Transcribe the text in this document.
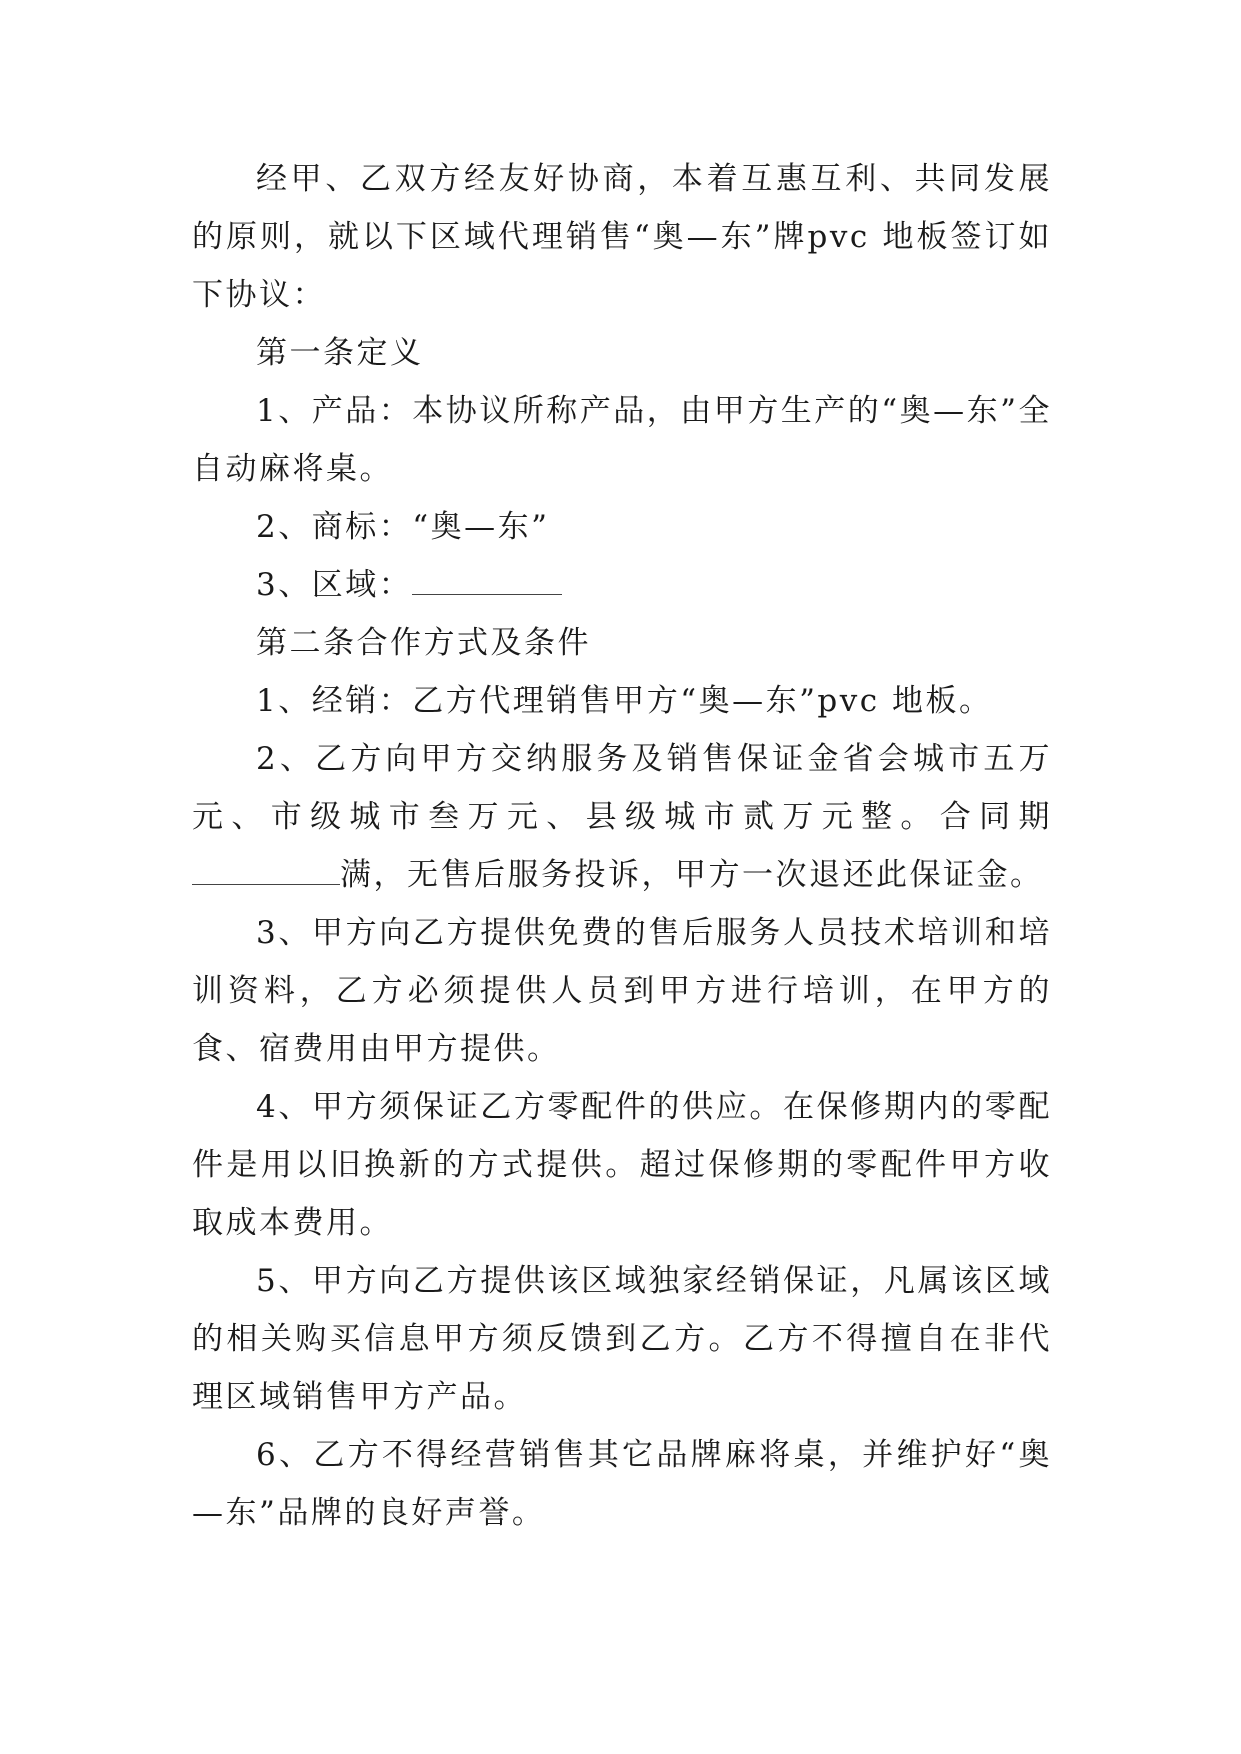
经甲、乙双方经友好协商，本着互惠互利、共同发展的原则，就以下区域代理销售“奥—东”牌pvc 地板签订如下协议：

第一条定义

1、产品：本协议所称产品，由甲方生产的“奥—东”全自动麻将桌。

2、商标：“奥—东”

3、区域：

第二条合作方式及条件

1、经销：乙方代理销售甲方“奥—东”pvc 地板。

2、乙方向甲方交纳服务及销售保证金省会城市五万元、市级城市叁万元、县级城市贰万元整。合同期满，无售后服务投诉，甲方一次退还此保证金。

3、甲方向乙方提供免费的售后服务人员技术培训和培训资料，乙方必须提供人员到甲方进行培训，在甲方的食、宿费用由甲方提供。

4、甲方须保证乙方零配件的供应。在保修期内的零配件是用以旧换新的方式提供。超过保修期的零配件甲方收取成本费用。

5、甲方向乙方提供该区域独家经销保证，凡属该区域的相关购买信息甲方须反馈到乙方。乙方不得擅自在非代理区域销售甲方产品。

6、乙方不得经营销售其它品牌麻将桌，并维护好“奥—东”品牌的良好声誉。
